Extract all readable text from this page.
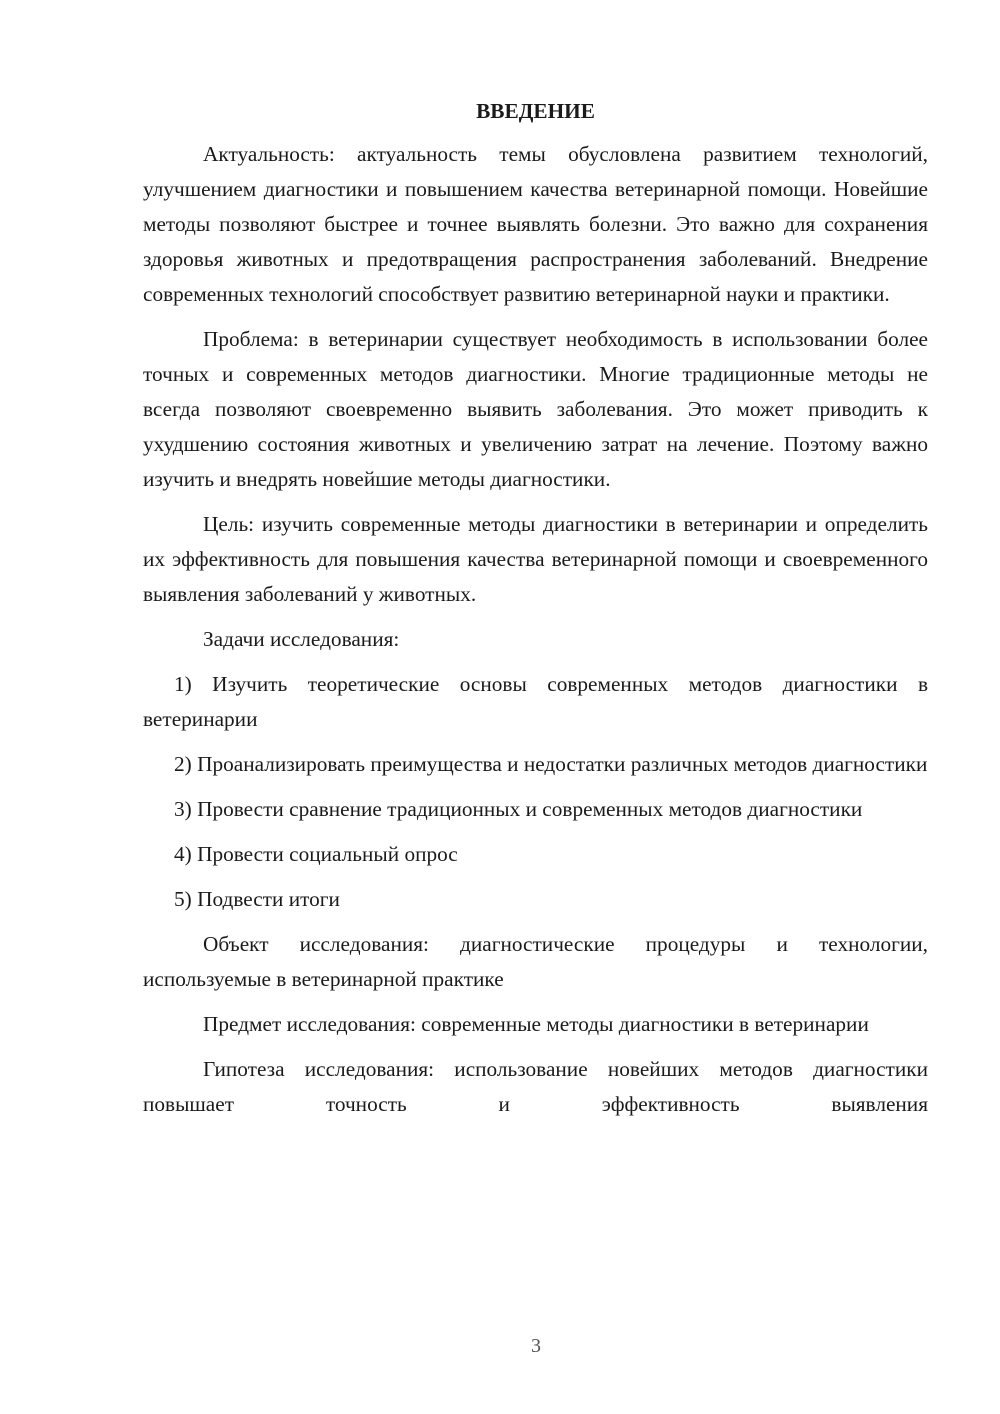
ВВЕДЕНИЕ

Актуальность: актуальность темы обусловлена развитием технологий, улучшением диагностики и повышением качества ветеринарной помощи. Новейшие методы позволяют быстрее и точнее выявлять болезни. Это важно для сохранения здоровья животных и предотвращения распространения заболеваний. Внедрение современных технологий способствует развитию ветеринарной науки и практики.

Проблема: в ветеринарии существует необходимость в использовании более точных и современных методов диагностики. Многие традиционные методы не всегда позволяют своевременно выявить заболевания. Это может приводить к ухудшению состояния животных и увеличению затрат на лечение. Поэтому важно изучить и внедрять новейшие методы диагностики.

Цель: изучить современные методы диагностики в ветеринарии и определить их эффективность для повышения качества ветеринарной помощи и своевременного выявления заболеваний у животных.

Задачи исследования:

1) Изучить теоретические основы современных методов диагностики в ветеринарии

2) Проанализировать преимущества и недостатки различных методов диагностики

3) Провести сравнение традиционных и современных методов диагностики

4) Провести социальный опрос

5) Подвести итоги

Объект исследования: диагностические процедуры и технологии, используемые в ветеринарной практике

Предмет исследования: современные методы диагностики в ветеринарии

Гипотеза исследования: использование новейших методов диагностики повышает точность и эффективность выявления

3
